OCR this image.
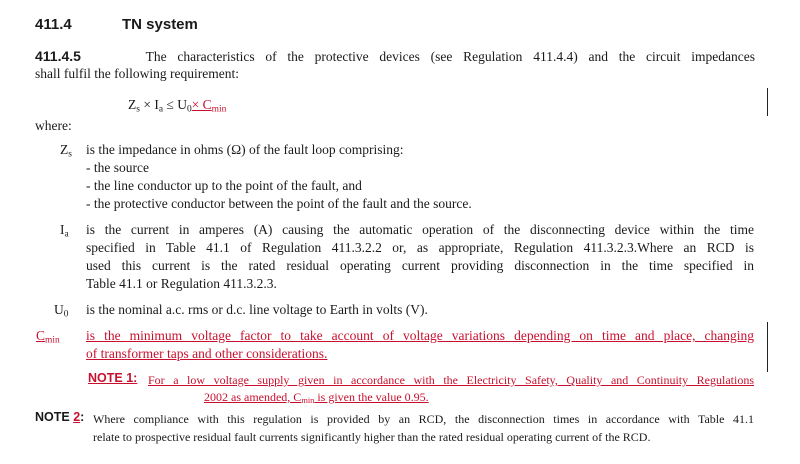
411.4	TN system
411.4.5	The characteristics of the protective devices (see Regulation 411.4.4) and the circuit impedances
shall fulfil the following requirement:
$Z_s \times I_a \le U_0\times C_{min}$
where:
$Z_s$ is the impedance in ohms (Ω) of the fault loop comprising:
- the source
- the line conductor up to the point of the fault, and
- the protective conductor between the point of the fault and the source.
$I_a$ is the current in amperes (A) causing the automatic operation of the disconnecting device within the time
specified in Table 41.1 of Regulation 411.3.2.2 or, as appropriate, Regulation 411.3.2.3.Where an RCD is
used this current is the rated residual operating current providing disconnection in the time specified in
Table 41.1 or Regulation 411.3.2.3.
$U_0$ is the nominal a.c. rms or d.c. line voltage to Earth in volts (V).
$C_{min}$ is the minimum voltage factor to take account of voltage variations depending on time and place, changing
of transformer taps and other considerations.
NOTE 1: For a low voltage supply given in accordance with the Electricity Safety, Quality and Continuity Regulations
2002 as amended, $C_{min}$ is given the value 0.95.
NOTE 2: Where compliance with this regulation is provided by an RCD, the disconnection times in accordance with Table 41.1
relate to prospective residual fault currents significantly higher than the rated residual operating current of the RCD.
